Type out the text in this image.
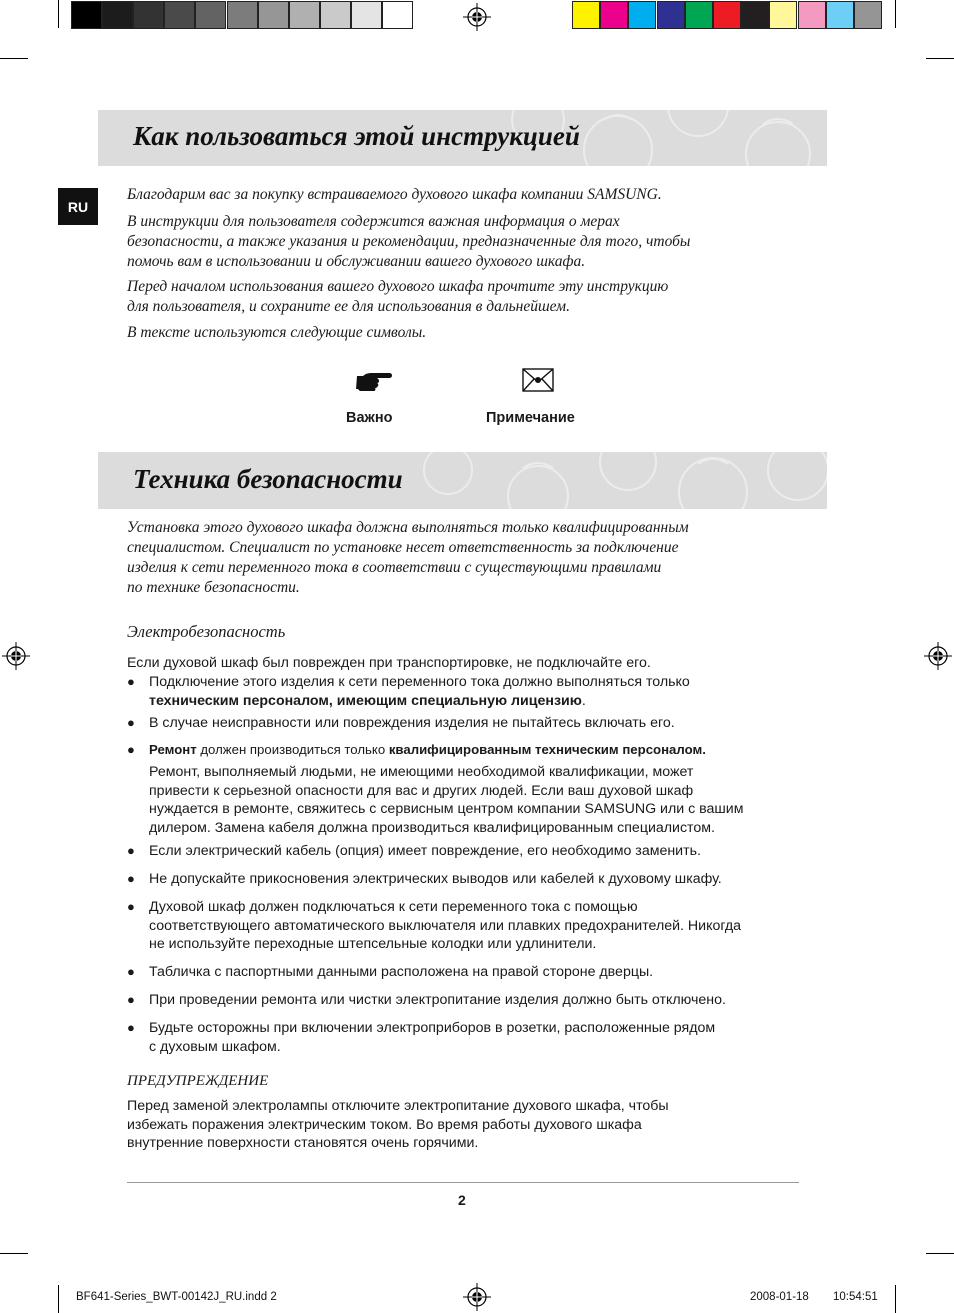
Как пользоваться этой инструкцией
RU
Благодарим вас за покупку встраиваемого духового шкафа компании SAMSUNG.
В инструкции для пользователя содержится важная информация о мерах
безопасности, а также указания и рекомендации, предназначенные для того, чтобы
помочь вам в использовании и обслуживании вашего духового шкафа.
Перед началом использования вашего духового шкафа прочтите эту инструкцию
для пользователя, и сохраните ее для использования в дальнейшем.
В тексте используются следующие символы.
Важно	Примечание
Техника безопасности
Установка этого духового шкафа должна выполняться только квалифицированным
специалистом. Специалист по установке несет ответственность за подключение
изделия к сети переменного тока в соответствии с существующими правилами
по технике безопасности.
Электробезопасность
Если духовой шкаф был поврежден при транспортировке, не подключайте его.
● Подключение этого изделия к сети переменного тока должно выполняться только
техническим персоналом, имеющим специальную лицензию.
● В случае неисправности или повреждения изделия не пытайтесь включать его.
● Ремонт должен производиться только квалифицированным техническим персоналом.
Ремонт, выполняемый людьми, не имеющими необходимой квалификации, может
привести к серьезной опасности для вас и других людей. Если ваш духовой шкаф
нуждается в ремонте, свяжитесь с сервисным центром компании SAMSUNG или с вашим
дилером. Замена кабеля должна производиться квалифицированным специалистом.
● Если электрический кабель (опция) имеет повреждение, его необходимо заменить.
● Не допускайте прикосновения электрических выводов или кабелей к духовому шкафу.
● Духовой шкаф должен подключаться к сети переменного тока с помощью
соответствующего автоматического выключателя или плавких предохранителей. Никогда
не используйте переходные штепсельные колодки или удлинители.
● Табличка с паспортными данными расположена на правой стороне дверцы.
● При проведении ремонта или чистки электропитание изделия должно быть отключено.
● Будьте осторожны при включении электроприборов в розетки, расположенные рядом
с духовым шкафом.
ПРЕДУПРЕЖДЕНИЕ
Перед заменой электролампы отключите электропитание духового шкафа, чтобы
избежать поражения электрическим током. Во время работы духового шкафа
внутренние поверхности становятся очень горячими.
2
BF641-Series_BWT-00142J_RU.indd 2	2008-01-18 10:54:51
